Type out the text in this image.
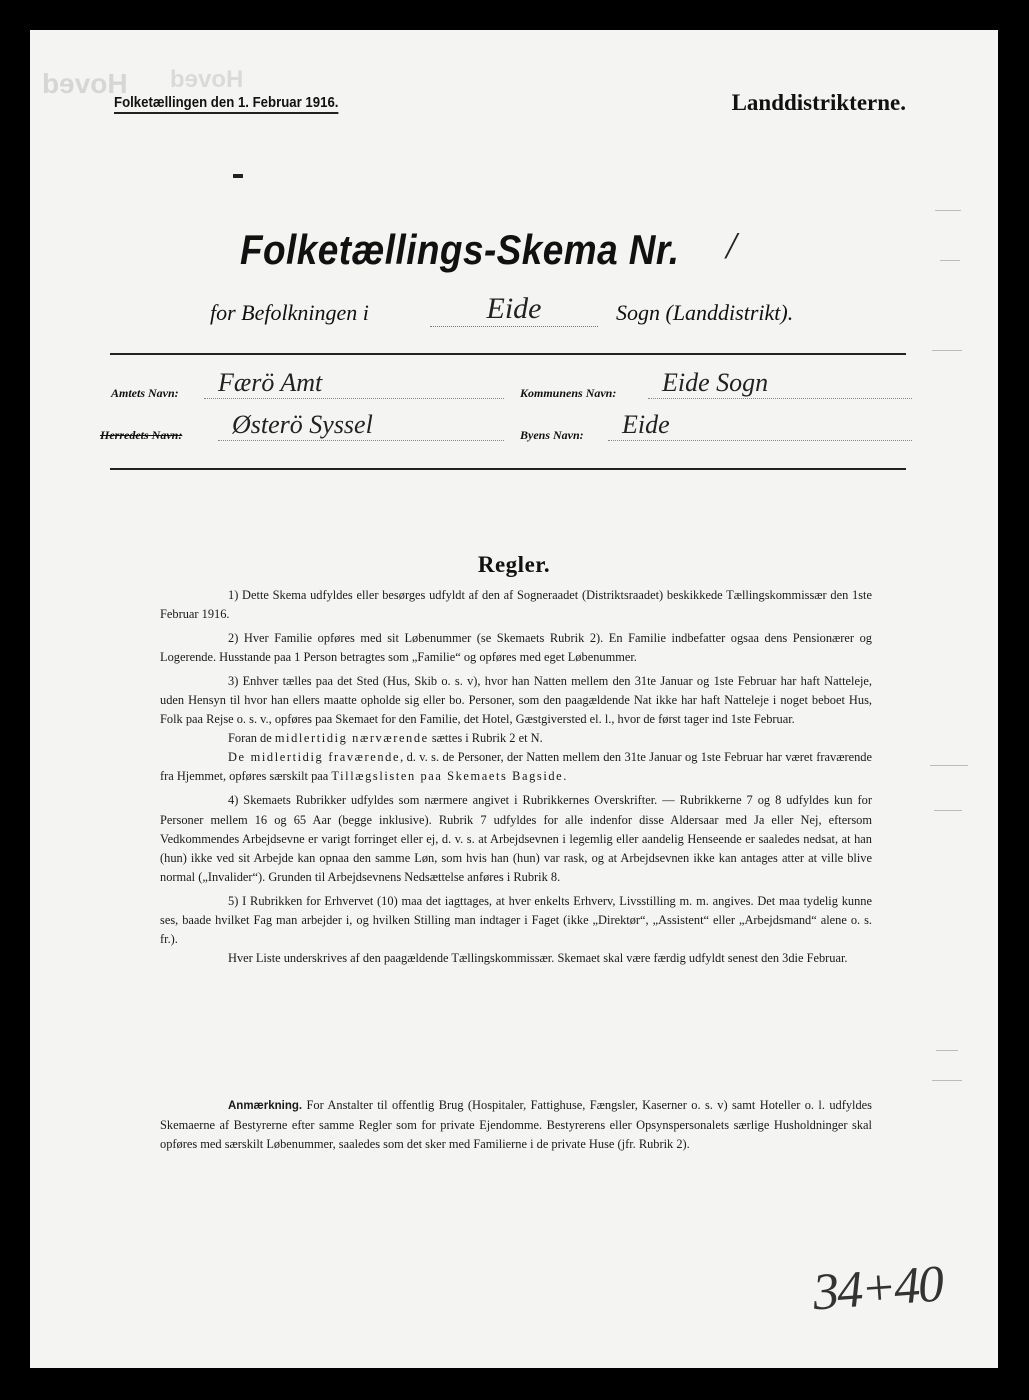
Hoved Hoved
Folketællingen den 1. Februar 1916.	Landdistrikterne.
Folketællings-Skema Nr. /
for Befolkningen i	Eide	Sogn (Landdistrikt).
Amtets Navn:	Færö Amt	Kommunens Navn:	Eide Sogn
Herredets Navn:	Østerö Syssel	Byens Navn:	Eide
Regler.

1) Dette Skema udfyldes eller besørges udfyldt af den af Sogneraadet (Distriktsraadet) beskikkede Tællingskommissær den 1ste Februar 1916.

2) Hver Familie opføres med sit Løbenummer (se Skemaets Rubrik 2). En Familie indbefatter ogsaa dens Pensionærer og Logerende. Husstande paa 1 Person betragtes som „Familie“ og opføres med eget Løbenummer.

3) Enhver tælles paa det Sted (Hus, Skib o. s. v), hvor han Natten mellem den 31te Januar og 1ste Februar har haft Natteleje, uden Hensyn til hvor han ellers maatte opholde sig eller bo. Personer, som den paagældende Nat ikke har haft Natteleje i noget beboet Hus, Folk paa Rejse o. s. v., opføres paa Skemaet for den Familie, det Hotel, Gæstgiversted el. l., hvor de først tager ind 1ste Februar.

Foran de midlertidig nærværende sættes i Rubrik 2 et N.

De midlertidig fraværende, d. v. s. de Personer, der Natten mellem den 31te Januar og 1ste Februar har været fraværende fra Hjemmet, opføres særskilt paa Tillægslisten paa Skemaets Bagside.

4) Skemaets Rubrikker udfyldes som nærmere angivet i Rubrikkernes Overskrifter. — Rubrikkerne 7 og 8 udfyldes kun for Personer mellem 16 og 65 Aar (begge inklusive). Rubrik 7 udfyldes for alle indenfor disse Aldersaar med Ja eller Nej, eftersom Vedkommendes Arbejdsevne er varigt forringet eller ej, d. v. s. at Arbejdsevnen i legemlig eller aandelig Henseende er saaledes nedsat, at han (hun) ikke ved sit Arbejde kan opnaa den samme Løn, som hvis han (hun) var rask, og at Arbejdsevnen ikke kan antages atter at ville blive normal („Invalider“). Grunden til Arbejdsevnens Nedsættelse anføres i Rubrik 8.

5) I Rubrikken for Erhvervet (10) maa det iagttages, at hver enkelts Erhverv, Livsstilling m. m. angives. Det maa tydelig kunne ses, baade hvilket Fag man arbejder i, og hvilken Stilling man indtager i Faget (ikke „Direktør“, „Assistent“ eller „Arbejdsmand“ alene o. s. fr.).

Hver Liste underskrives af den paagældende Tællingskommissær. Skemaet skal være færdig udfyldt senest den 3die Februar.

Anmærkning. For Anstalter til offentlig Brug (Hospitaler, Fattighuse, Fængsler, Kaserner o. s. v) samt Hoteller o. l. udfyldes Skemaerne af Bestyrerne efter samme Regler som for private Ejendomme. Bestyrerens eller Opsynspersonalets særlige Husholdninger skal opføres med særskilt Løbenummer, saaledes som det sker med Familierne i de private Huse (jfr. Rubrik 2).

34+40
